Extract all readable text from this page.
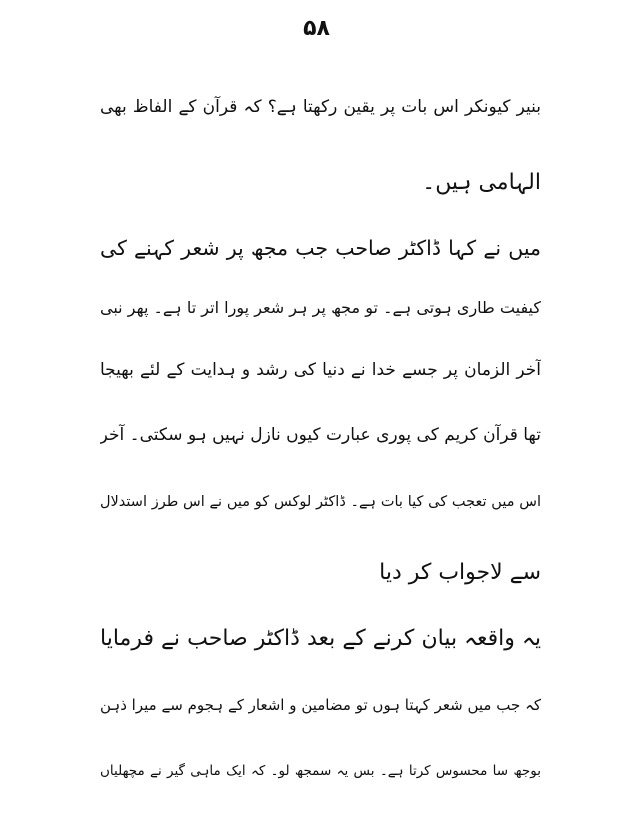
۵۸
بنیر کیونکر اس بات پر یقین رکھتا ہے؟ کہ قرآن کے الفاظ بھی
الہامی ہیں۔
میں نے کہا ڈاکٹر صاحب جب مجھ پر شعر کہنے کی
کیفیت طاری ہوتی ہے۔ تو مجھ پر ہر شعر پورا اتر تا ہے۔ پھر نبی
آخر الزمان پر جسے خدا نے دنیا کی رشد و ہدایت کے لئے بھیجا
تھا قرآن کریم کی پوری عبارت کیوں نازل نہیں ہو سکتی۔ آخر
اس میں تعجب کی کیا بات ہے۔ ڈاکٹر لوکس کو میں نے اس طرز استدلال
سے لاجواب کر دیا
یہ واقعہ بیان کرنے کے بعد ڈاکٹر صاحب نے فرمایا
کہ جب میں شعر کہتا ہوں تو مضامین و اشعار کے ہجوم سے میرا ذہن
بوجھ سا محسوس کرتا ہے۔ بس یہ سمجھ لو۔ کہ ایک ماہی گیر نے مچھلیاں
